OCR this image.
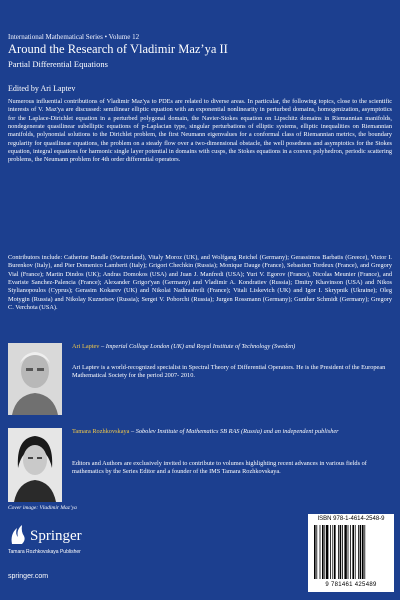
International Mathematical Series • Volume 12
Around the Research of Vladimir Maz’ya II
Partial Differential Equations
Edited by Ari Laptev
Numerous influential contributions of Vladimir Maz'ya to PDEs are related to diverse areas. In particular, the following topics, close to the scientific interests of V. Maz'ya are discussed: semilinear elliptic equation with an exponential nonlinearity in perturbed domains, homogenization, asymptotics for the Laplace-Dirichlet equation in a perturbed polygonal domain, the Navier-Stokes equation on Lipschitz domains in Riemannian manifolds, nondegenerate quasilinear subelliptic equations of p-Laplacian type, singular perturbations of elliptic systems, elliptic inequalities on Riemannian manifolds, polynomial solutions to the Dirichlet problem, the first Neumann eigenvalues for a conformal class of Riemannian metrics, the boundary regularity for quasilinear equations, the problem on a steady flow over a two-dimensional obstacle, the well posedness and asymptotics for the Stokes equation, integral equations for harmonic single layer potential in domains with cusps, the Stokes equations in a convex polyhedron, periodic scattering problems, the Neumann problem for 4th order differential operators.
Contributors include: Catherine Bandle (Switzerland), Vitaly Moroz (UK), and Wolfgang Reichel (Germany); Gerassimos Barbatis (Greece), Victor I. Burenkov (Italy), and Pier Domenico Lamberti (Italy); Grigori Chechkin (Russia); Monique Dauge (France), Sebastien Tordeux (France), and Gregory Vial (France); Martin Dindos (UK); Andras Domokos (USA) and Juan J. Manfredi (USA); Yuri V. Egorov (France), Nicolas Meunier (France), and Evariste Sanchez-Palencia (France); Alexander Grigor'yan (Germany) and Vladimir A. Kondratiev (Russia); Dmitry Khavinson (USA) and Nikos Stylianopoulos (Cyprus); Gerasim Kokarev (UK) and Nikolai Nadirashvili (France); Vitali Liskevich (UK) and Igor I. Skrypnik (Ukraine); Oleg Motygin (Russia) and Nikolay Kuznetsov (Russia); Sergei V. Poborchi (Russia); Jurgen Rossmann (Germany); Gunther Schmidt (Germany); Gregory C. Verchota (USA).
Ari Laptev – Imperial College London (UK) and Royal Institute of Technology (Sweden)
Ari Laptev is a world-recognized specialist in Spectral Theory of Differential Operators. He is the President of the European Mathematical Society for the period 2007- 2010.
Tamara Rozhkovskaya – Sobolev Institute of Mathematics SB RAS (Russia) and an independent publisher
Editors and Authors are exclusively invited to contribute to volumes highlighting recent advances in various fields of mathematics by the Series Editor and a founder of the IMS Tamara Rozhkovskaya.
Cover image: Vladimir Maz’ya
Springer
Tamara Rozhkovskaya Publisher
springer.com
ISBN 978-1-4614-2548-9
9 781461 425489
